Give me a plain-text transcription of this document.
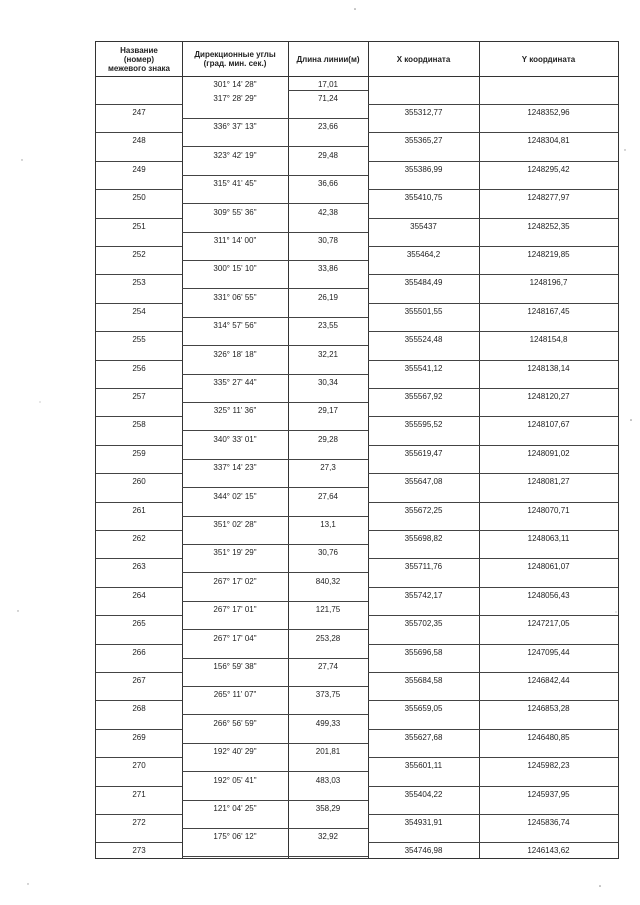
Название
(номер)
межевого знака
Дирекционные углы
(град. мин. сек.)	Длина линии(м)	X координата	Y координата
301° 14' 28"	17,01
247	355312,77	1248352,96
317° 28' 29"	71,24
248	355365,27	1248304,81
336° 37' 13"	23,66
249	355386,99	1248295,42
323° 42' 19"	29,48
250	355410,75	1248277,97
315° 41' 45"	36,66
251	355437	1248252,35
309° 55' 36"	42,38
252	355464,2	1248219,85
311° 14' 00"	30,78
253	355484,49	1248196,7
300° 15' 10"	33,86
254	355501,55	1248167,45
331° 06' 55"	26,19
255	355524,48	1248154,8
314° 57' 56"	23,55
256	355541,12	1248138,14
326° 18' 18"	32,21
257	355567,92	1248120,27
335° 27' 44"	30,34
258	355595,52	1248107,67
325° 11' 36"	29,17
259	355619,47	1248091,02
340° 33' 01"	29,28
260	355647,08	1248081,27
337° 14' 23"	27,3
261	355672,25	1248070,71
344° 02' 15"	27,64
262	355698,82	1248063,11
351° 02' 28"	13,1
263	355711,76	1248061,07
351° 19' 29"	30,76
264	355742,17	1248056,43
267° 17' 02"	840,32
265	355702,35	1247217,05
267° 17' 01"	121,75
266	355696,58	1247095,44
267° 17' 04"	253,28
267	355684,58	1246842,44
156° 59' 38"	27,74
268	355659,05	1246853,28
265° 11' 07"	373,75
269	355627,68	1246480,85
266° 56' 59"	499,33
270	355601,11	1245982,23
192° 40' 29"	201,81
271	355404,22	1245937,95
192° 05' 41"	483,03
272	354931,91	1245836,74
121° 04' 25"	358,29
273	354746,98	1246143,62
175° 06' 12"	32,92
